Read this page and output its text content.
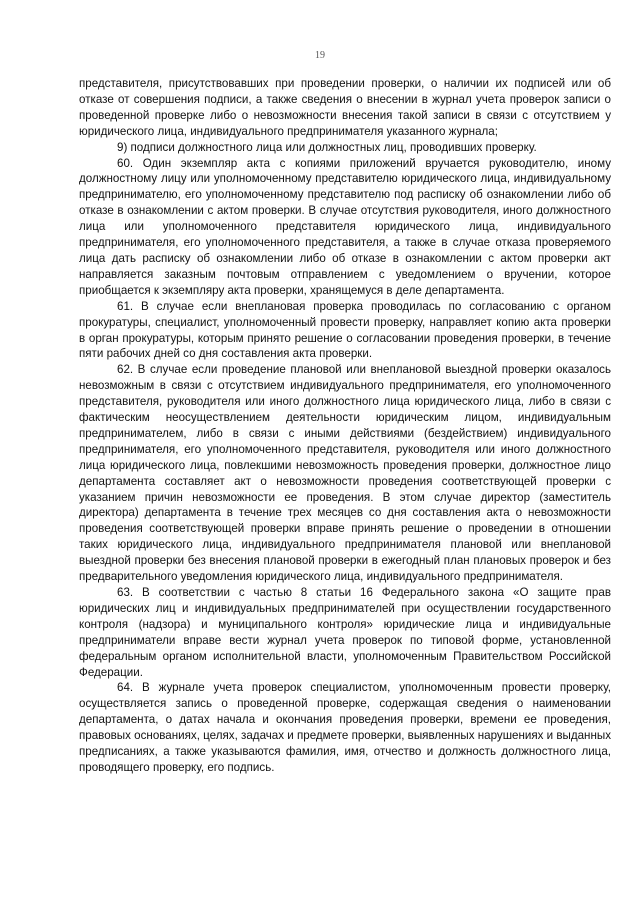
19

представителя, присутствовавших при проведении проверки, о наличии их подписей или об отказе от совершения подписи, а также сведения о внесении в журнал учета проверок записи о проведенной проверке либо о невозможности внесения такой записи в связи с отсутствием у юридического лица, индивидуального предпринимателя указанного журнала;

9) подписи должностного лица или должностных лиц, проводивших проверку.

60. Один экземпляр акта с копиями приложений вручается руководителю, иному должностному лицу или уполномоченному представителю юридического лица, индивидуальному предпринимателю, его уполномоченному представителю под расписку об ознакомлении либо об отказе в ознакомлении с актом проверки. В случае отсутствия руководителя, иного должностного лица или уполномоченного представителя юридического лица, индивидуального предпринимателя, его уполномоченного представителя, а также в случае отказа проверяемого лица дать расписку об ознакомлении либо об отказе в ознакомлении с актом проверки акт направляется заказным почтовым отправлением с уведомлением о вручении, которое приобщается к экземпляру акта проверки, хранящемуся в деле департамента.

61. В случае если внеплановая проверка проводилась по согласованию с органом прокуратуры, специалист, уполномоченный провести проверку, направляет копию акта проверки в орган прокуратуры, которым принято решение о согласовании проведения проверки, в течение пяти рабочих дней со дня составления акта проверки.

62. В случае если проведение плановой или внеплановой выездной проверки оказалось невозможным в связи с отсутствием индивидуального предпринимателя, его уполномоченного представителя, руководителя или иного должностного лица юридического лица, либо в связи с фактическим неосуществлением деятельности юридическим лицом, индивидуальным предпринимателем, либо в связи с иными действиями (бездействием) индивидуального предпринимателя, его уполномоченного представителя, руководителя или иного должностного лица юридического лица, повлекшими невозможность проведения проверки, должностное лицо департамента составляет акт о невозможности проведения соответствующей проверки с указанием причин невозможности ее проведения. В этом случае директор (заместитель директора) департамента в течение трех месяцев со дня составления акта о невозможности проведения соответствующей проверки вправе принять решение о проведении в отношении таких юридического лица, индивидуального предпринимателя плановой или внеплановой выездной проверки без внесения плановой проверки в ежегодный план плановых проверок и без предварительного уведомления юридического лица, индивидуального предпринимателя.

63. В соответствии с частью 8 статьи 16 Федерального закона «О защите прав юридических лиц и индивидуальных предпринимателей при осуществлении государственного контроля (надзора) и муниципального контроля» юридические лица и индивидуальные предприниматели вправе вести журнал учета проверок по типовой форме, установленной федеральным органом исполнительной власти, уполномоченным Правительством Российской Федерации.

64. В журнале учета проверок специалистом, уполномоченным провести проверку, осуществляется запись о проведенной проверке, содержащая сведения о наименовании департамента, о датах начала и окончания проведения проверки, времени ее проведения, правовых основаниях, целях, задачах и предмете проверки, выявленных нарушениях и выданных предписаниях, а также указываются фамилия, имя, отчество и должность должностного лица, проводящего проверку, его подпись.
